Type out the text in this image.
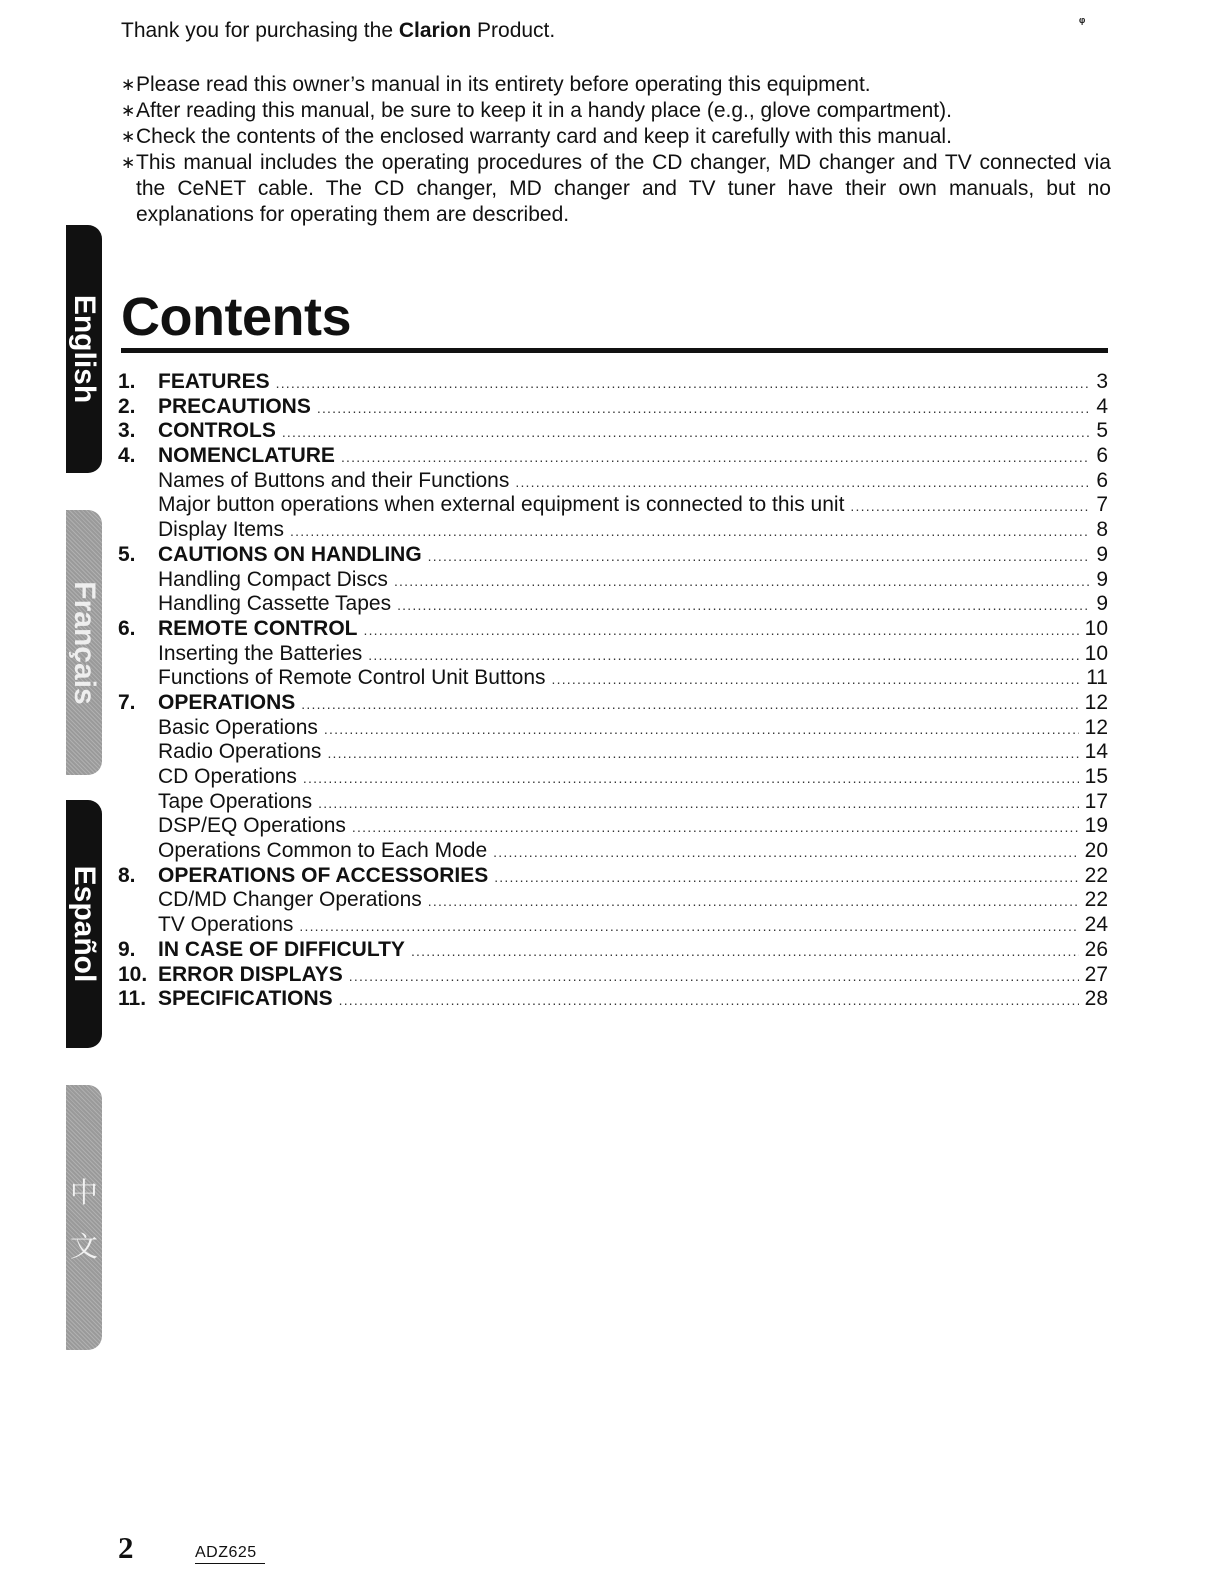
Thank you for purchasing the Clarion Product.	ᵠ
∗ Please read this owner’s manual in its entirety before operating this equipment.
∗ After reading this manual, be sure to keep it in a handy place (e.g., glove compartment).
∗ Check the contents of the enclosed warranty card and keep it carefully with this manual.
∗ This manual includes the operating procedures of the CD changer, MD changer and TV connected via the CeNET cable. The CD changer, MD changer and TV tuner have their own manuals, but no explanations for operating them are described.
Contents
1.	FEATURES .....	3
2.	PRECAUTIONS .....	4
3.	CONTROLS .....	5
4.	NOMENCLATURE .....	6
Names of Buttons and their Functions .....	6
Major button operations when external equipment is connected to this unit .....	7
Display Items .....	8
5.	CAUTIONS ON HANDLING .....	9
Handling Compact Discs .....	9
Handling Cassette Tapes .....	9
6.	REMOTE CONTROL .....	10
Inserting the Batteries .....	10
Functions of Remote Control Unit Buttons .....	11
7.	OPERATIONS .....	12
Basic Operations .....	12
Radio Operations .....	14
CD Operations .....	15
Tape Operations .....	17
DSP/EQ Operations .....	19
Operations Common to Each Mode .....	20
8.	OPERATIONS OF ACCESSORIES .....	22
CD/MD Changer Operations .....	22
TV Operations .....	24
9.	IN CASE OF DIFFICULTY .....	26
10. ERROR DISPLAYS .....	27
11. SPECIFICATIONS .....	28
English
Français
Español
中
文
2	ADZ625
